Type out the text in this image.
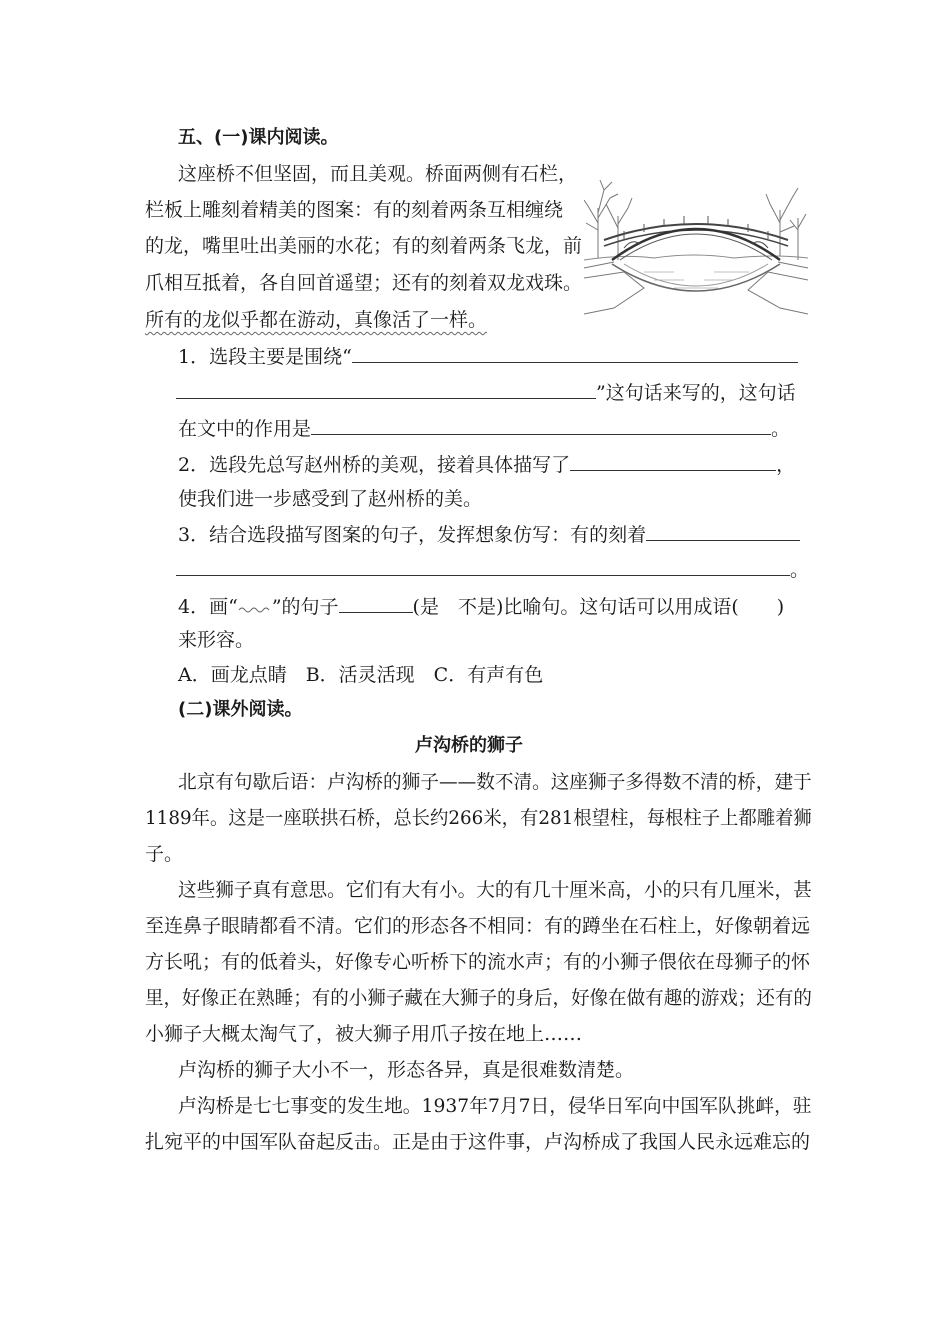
五、(一)课内阅读。
这座桥不但坚固，而且美观。桥面两侧有石栏，
栏板上雕刻着精美的图案：有的刻着两条互相缠绕
的龙，嘴里吐出美丽的水花；有的刻着两条飞龙，前
爪相互抵着，各自回首遥望；还有的刻着双龙戏珠。
所有的龙似乎都在游动，真像活了一样。
1．选段主要是围绕“
”这句话来写的，这句话
在文中的作用是	。
2．选段先总写赵州桥的美观，接着具体描写了	，
使我们进一步感受到了赵州桥的美。
3．结合选段描写图案的句子，发挥想象仿写：有的刻着
。
4．画“ ”的句子	(是　不是)比喻句。这句话可以用成语(　　)
来形容。
A．画龙点睛　B．活灵活现　C．有声有色
(二)课外阅读。
卢沟桥的狮子
北京有句歇后语：卢沟桥的狮子——数不清。这座狮子多得数不清的桥，建于
1189年。这是一座联拱石桥，总长约266米，有281根望柱，每根柱子上都雕着狮
子。
这些狮子真有意思。它们有大有小。大的有几十厘米高，小的只有几厘米，甚
至连鼻子眼睛都看不清。它们的形态各不相同：有的蹲坐在石柱上，好像朝着远
方长吼；有的低着头，好像专心听桥下的流水声；有的小狮子偎依在母狮子的怀
里，好像正在熟睡；有的小狮子藏在大狮子的身后，好像在做有趣的游戏；还有的
小狮子大概太淘气了，被大狮子用爪子按在地上……
卢沟桥的狮子大小不一，形态各异，真是很难数清楚。
卢沟桥是七七事变的发生地。1937年7月7日，侵华日军向中国军队挑衅，驻
扎宛平的中国军队奋起反击。正是由于这件事，卢沟桥成了我国人民永远难忘的
